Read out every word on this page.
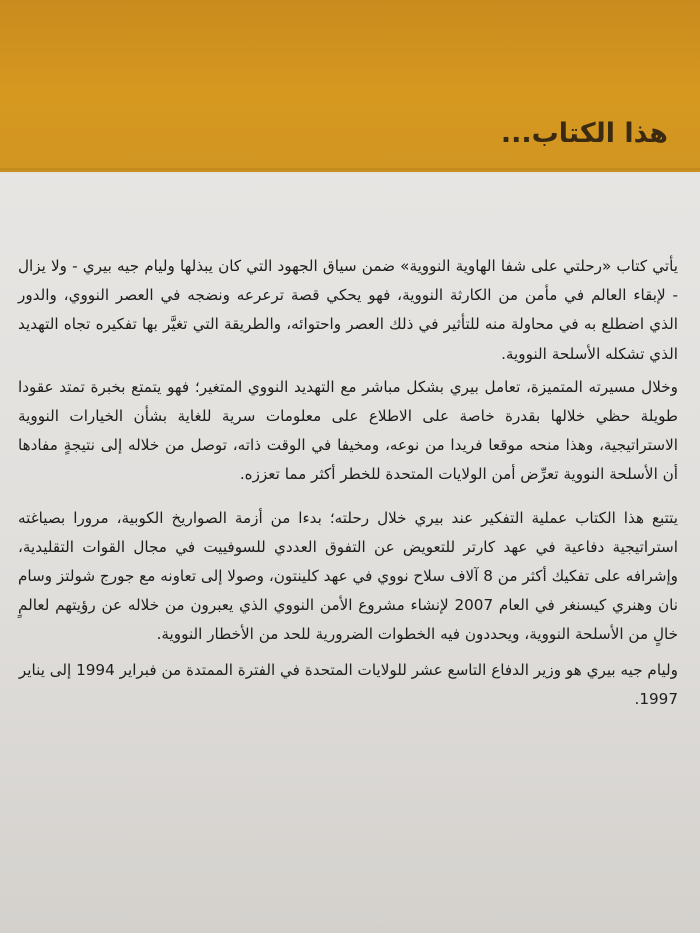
هذا الكتاب...

يأتي كتاب «رحلتي على شفا الهاوية النووية» ضمن سياق الجهود التي كان يبذلها وليام جيه بيري - ولا يزال - لإبقاء العالم في مأمن من الكارثة النووية، فهو يحكي قصة ترعرعه ونضجه في العصر النووي، والدور الذي اضطلع به في محاولة منه للتأثير في ذلك العصر واحتوائه، والطريقة التي تغيَّر بها تفكيره تجاه التهديد الذي تشكله الأسلحة النووية.

وخلال مسيرته المتميزة، تعامل بيري بشكل مباشر مع التهديد النووي المتغير؛ فهو يتمتع بخبرة تمتد عقودا طويلة حظي خلالها بقدرة خاصة على الاطلاع على معلومات سرية للغاية بشأن الخيارات النووية الاستراتيجية، وهذا منحه موقعا فريدا من نوعه، ومخيفا في الوقت ذاته، توصل من خلاله إلى نتيجةٍ مفادها أن الأسلحة النووية تعرِّض أمن الولايات المتحدة للخطر أكثر مما تعززه.

يتتبع هذا الكتاب عملية التفكير عند بيري خلال رحلته؛ بدءا من أزمة الصواريخ الكوبية، مرورا بصياغته استراتيجية دفاعية في عهد كارتر للتعويض عن التفوق العددي للسوفييت في مجال القوات التقليدية، وإشرافه على تفكيك أكثر من 8 آلاف سلاح نووي في عهد كلينتون، وصولا إلى تعاونه مع جورج شولتز وسام نان وهنري كيسنغر في العام 2007 لإنشاء مشروع الأمن النووي الذي يعبرون من خلاله عن رؤيتهم لعالمٍ خالٍ من الأسلحة النووية، ويحددون فيه الخطوات الضرورية للحد من الأخطار النووية.

وليام جيه بيري هو وزير الدفاع التاسع عشر للولايات المتحدة في الفترة الممتدة من فبراير 1994 إلى يناير 1997.
